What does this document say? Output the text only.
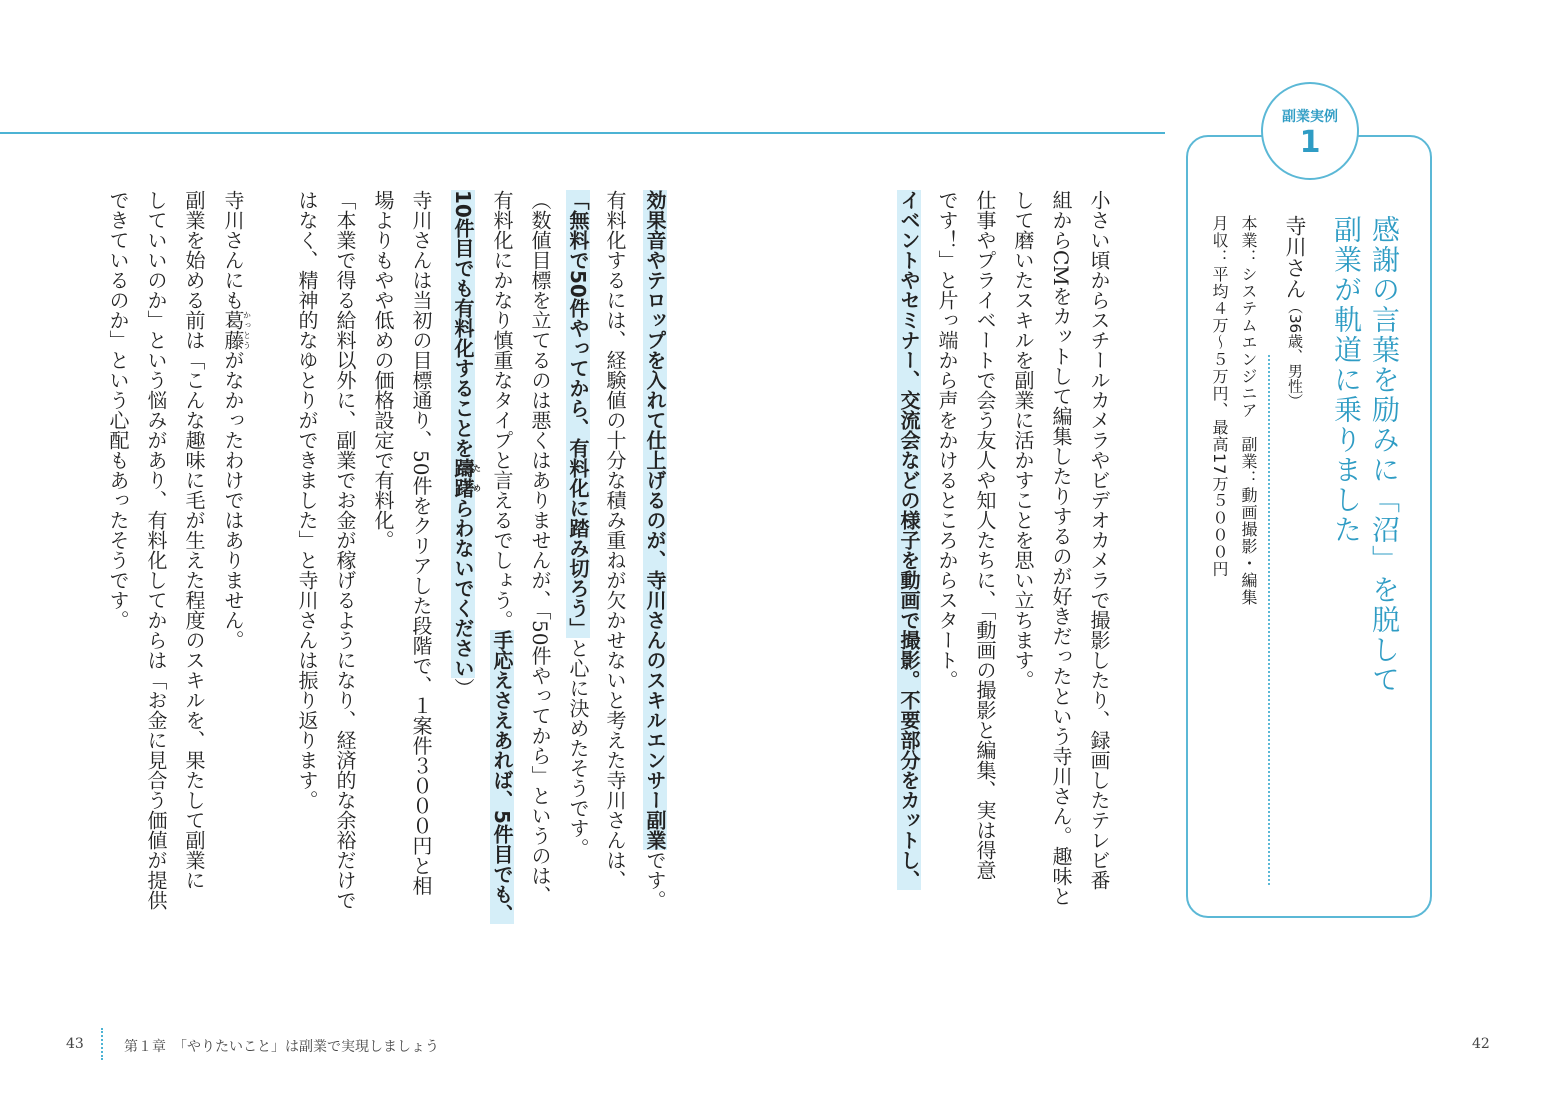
副業実例
1
感謝の言葉を励みに「沼」を脱して
副業が軌道に乗りました
寺川さん（36歳、男性）
本業：システムエンジニア　副業：動画撮影・編集
月収：平均４万～５万円、最高17万５０００円
小さい頃からスチールカメラやビデオカメラで撮影したり、録画したテレビ番
組からCMをカットして編集したりするのが好きだったという寺川さん。趣味と
して磨いたスキルを副業に活かすことを思い立ちます。
仕事やプライベートで会う友人や知人たちに、「動画の撮影と編集、実は得意
です！」と片っ端から声をかけるところからスタート。
イベントやセミナー、交流会などの様子を動画で撮影。不要部分をカットし、
効果音やテロップを入れて仕上げるのが、寺川さんのスキルエンサー副業です。
有料化するには、経験値の十分な積み重ねが欠かせないと考えた寺川さんは、
「無料で50件やってから、有料化に踏み切ろう」と心に決めたそうです。
（数値目標を立てるのは悪くはありませんが、「50件やってから」というのは、
有料化にかなり慎重なタイプと言えるでしょう。手応えさえあれば、5件目でも、
10件目でも有料化することを躊躇ためらわないでください）
寺川さんは当初の目標通り、50件をクリアした段階で、１案件３０００円と相
場よりもやや低めの価格設定で有料化。
「本業で得る給料以外に、副業でお金が稼げるようになり、経済的な余裕だけで
はなく、精神的なゆとりができました」と寺川さんは振り返ります。
寺川さんにも葛藤かっとうがなかったわけではありません。
副業を始める前は「こんな趣味に毛が生えた程度のスキルを、果たして副業に
していいのか」という悩みがあり、有料化してからは「お金に見合う価値が提供
できているのか」という心配もあったそうです。
43	第１章　「やりたいこと」は副業で実現しましょう	42
